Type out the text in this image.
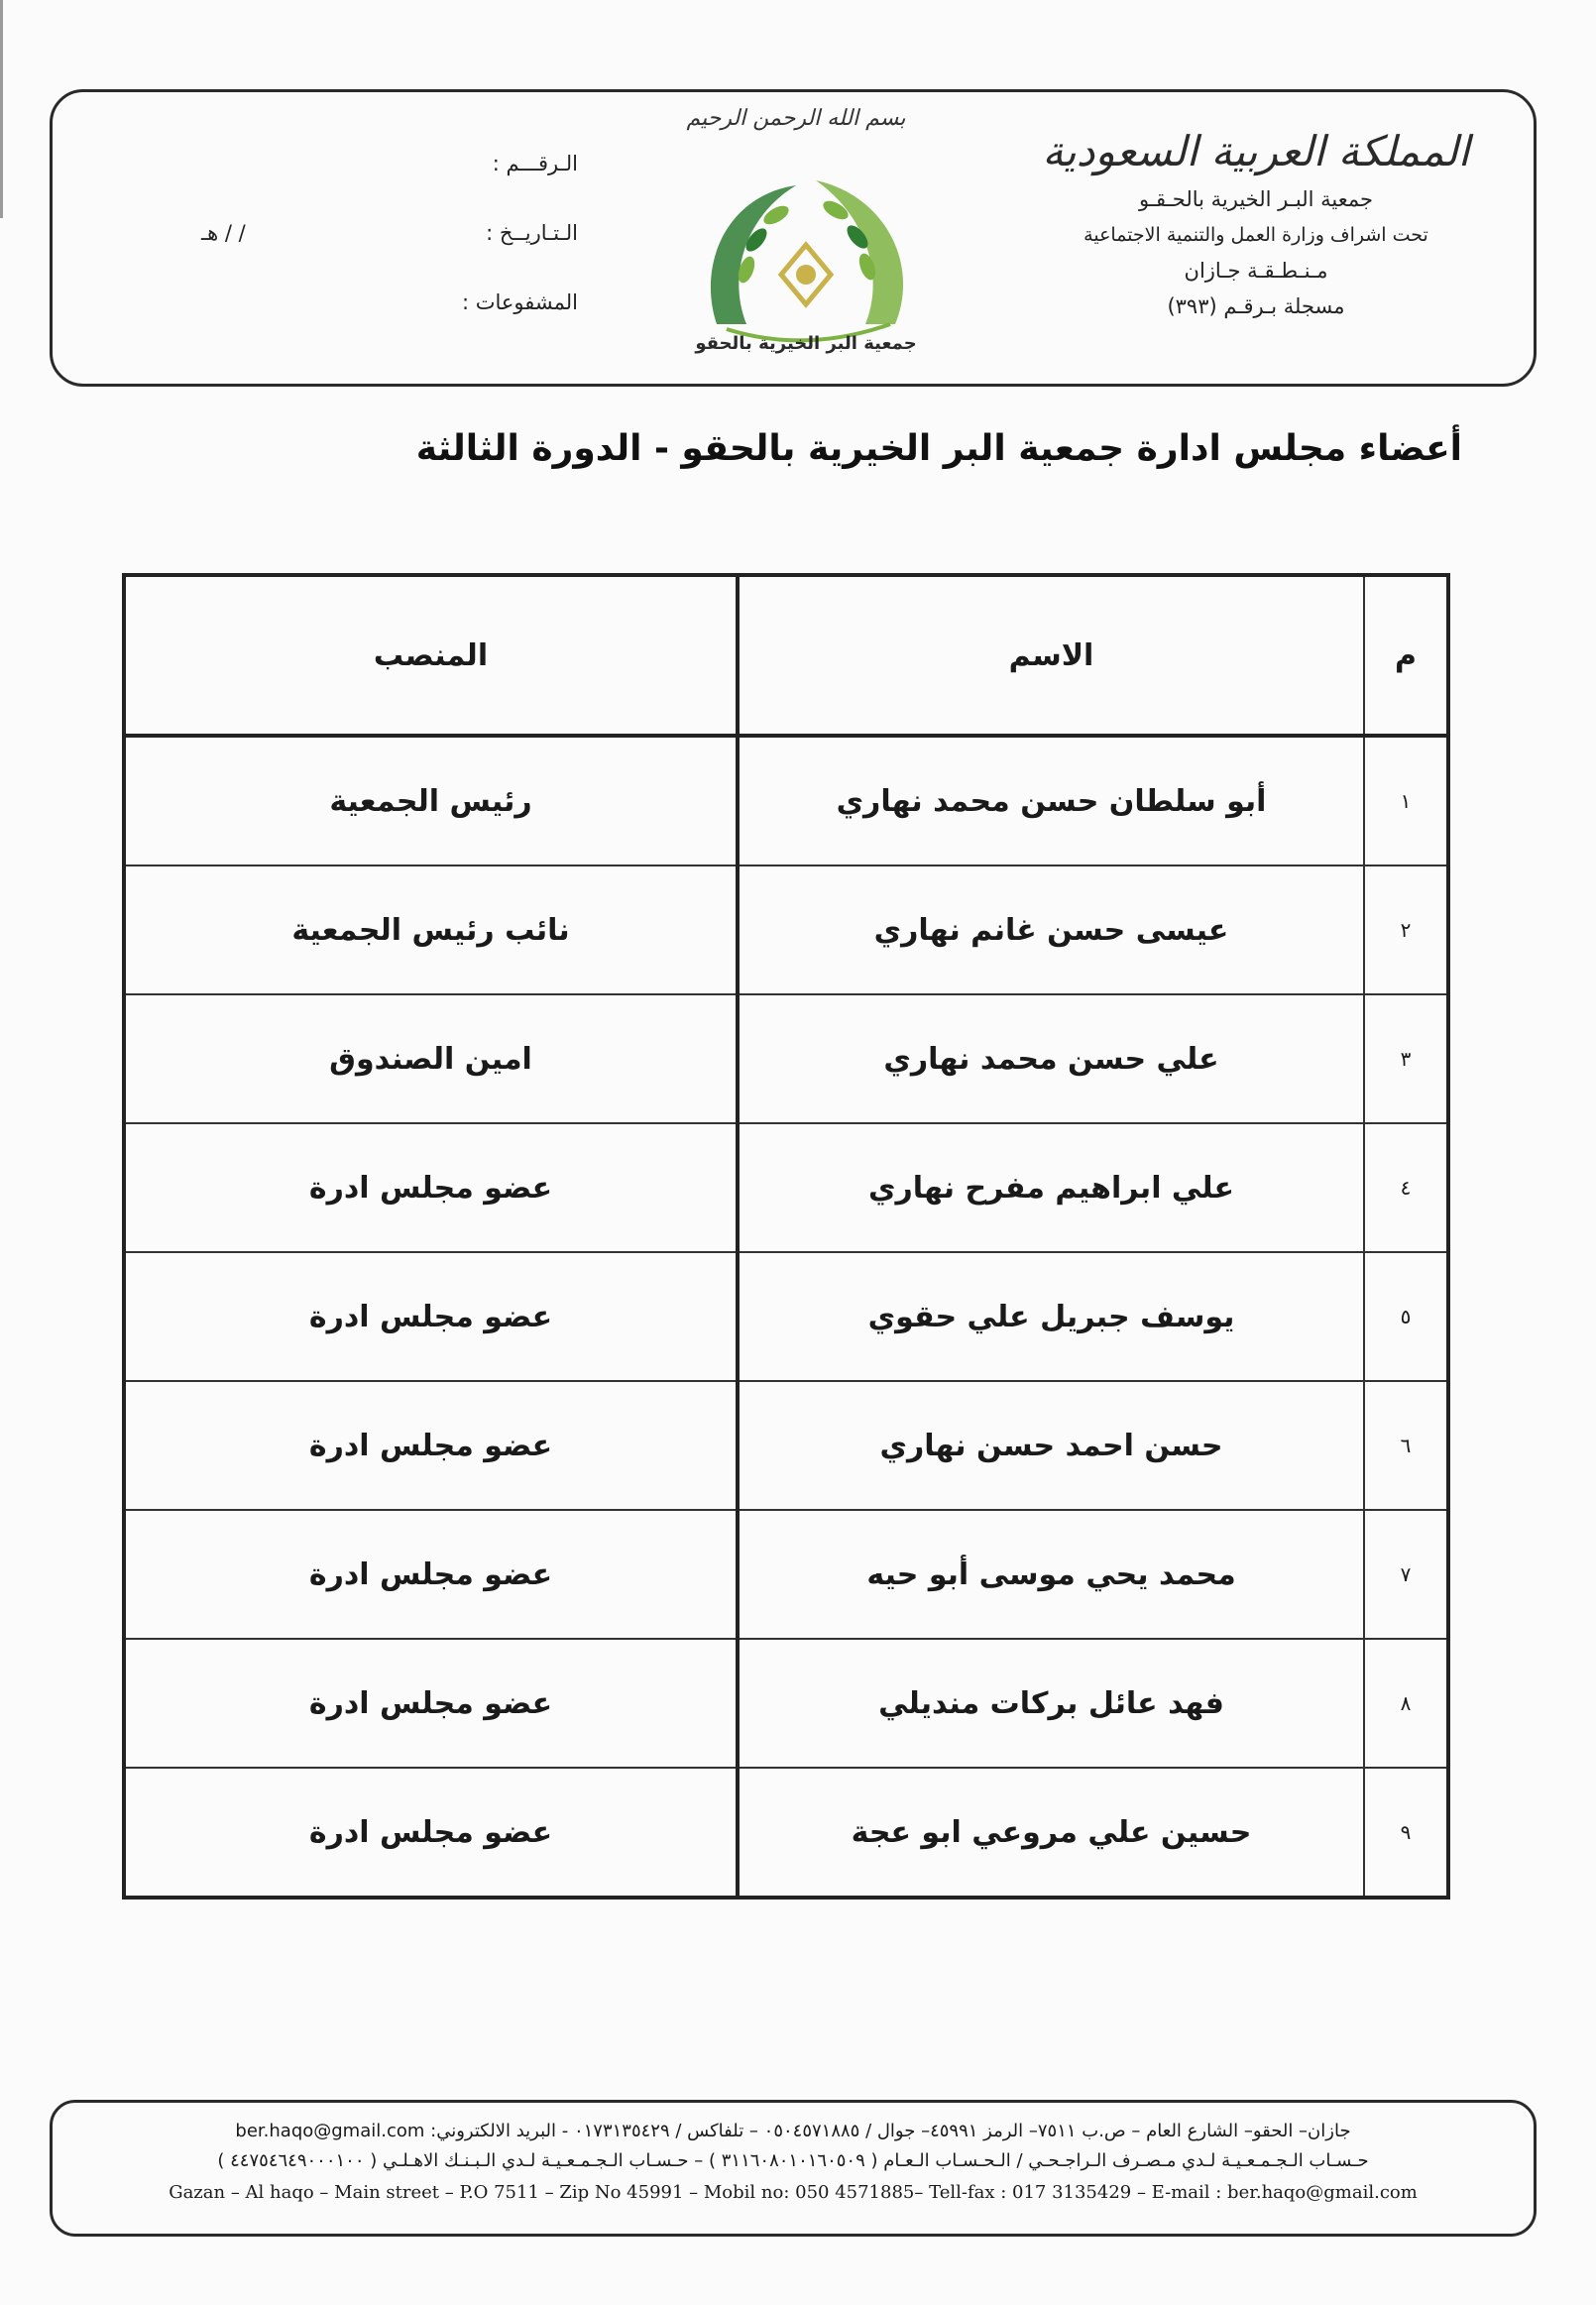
المملكة العربية السعودية
جمعية البـر الخيرية بالحـقـو
تحت اشراف وزارة العمل والتنمية الاجتماعية
مـنـطـقـة جـازان
مسجلة بـرقـم (٣٩٣)
بسم الله الرحمن الرحيم
جمعية البر الخيرية بالحقو
الـرقـــم :
الـتـاريــخ :
/ / هـ
المشفوعات :
أعضاء مجلس ادارة جمعية البر الخيرية بالحقو - الدورة الثالثة
م	الاسم	المنصب
١	أبو سلطان حسن محمد نهاري	رئيس الجمعية
٢	عيسى حسن غانم نهاري	نائب رئيس الجمعية
٣	علي حسن محمد نهاري	امين الصندوق
٤	علي ابراهيم مفرح نهاري	عضو مجلس ادرة
٥	يوسف جبريل علي حقوي	عضو مجلس ادرة
٦	حسن احمد حسن نهاري	عضو مجلس ادرة
٧	محمد يحي موسى أبو حيه	عضو مجلس ادرة
٨	فهد عائل بركات منديلي	عضو مجلس ادرة
٩	حسين علي مروعي ابو عجة	عضو مجلس ادرة
جازان– الحقو– الشارع العام – ص.ب ٧٥١١– الرمز ٤٥٩٩١– جوال / ٠٥٠٤٥٧١٨٨٥ – تلفاكس / ٠١٧٣١٣٥٤٢٩ - البريد الالكتروني: ber.haqo@gmail.com
حـسـاب الـجـمـعـيـة لـدي مـصـرف الـراجـحـي / الـحـسـاب الـعـام ( ٣١١٦٠٨٠١٠١٦٠٥٠٩ ) – حـسـاب الـجـمـعـيـة لـدي الـبـنـك الاهـلـي ( ٤٤٧٥٤٦٤٩٠٠٠١٠٠ )
Gazan – Al haqo – Main street – P.O 7511 – Zip No 45991 – Mobil no: 050 4571885– Tell-fax : 017 3135429 – E-mail : ber.haqo@gmail.com
